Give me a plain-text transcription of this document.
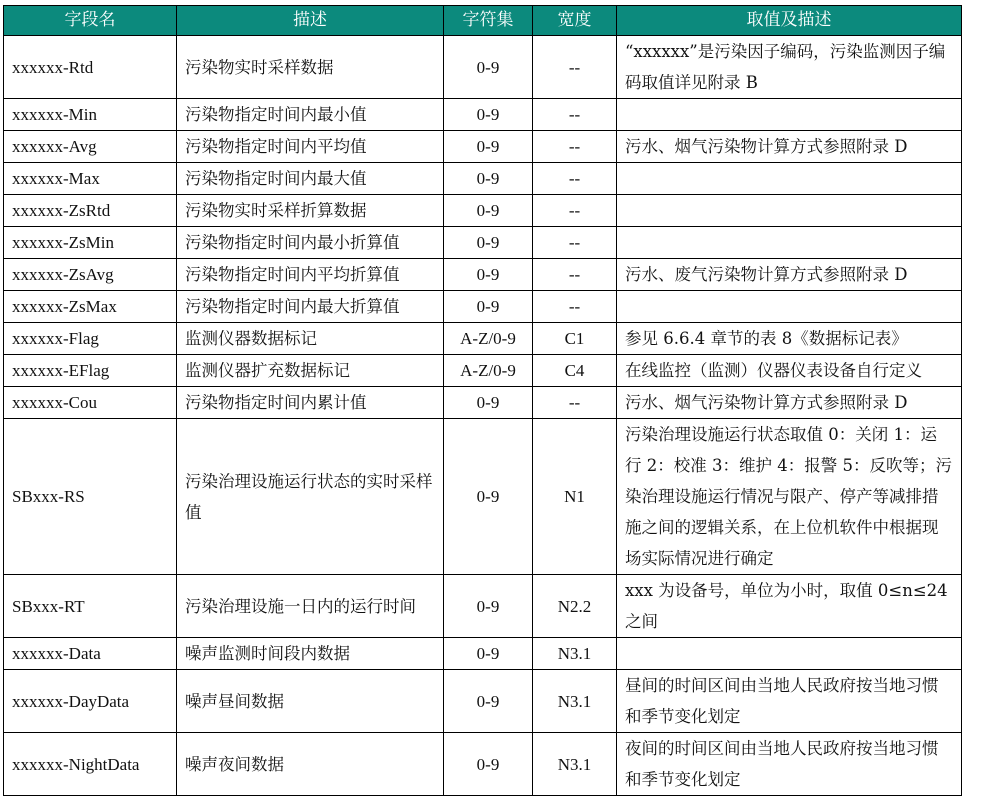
字段名	描述	字符集	宽度	取值及描述
xxxxxx-Rtd	污染物实时采样数据	0-9	--	“xxxxxx”是污染因子编码，污染监测因子编码取值详见附录 B
xxxxxx-Min	污染物指定时间内最小值	0-9	--	
xxxxxx-Avg	污染物指定时间内平均值	0-9	--	污水、烟气污染物计算方式参照附录 D
xxxxxx-Max	污染物指定时间内最大值	0-9	--	
xxxxxx-ZsRtd	污染物实时采样折算数据	0-9	--	
xxxxxx-ZsMin	污染物指定时间内最小折算值	0-9	--	
xxxxxx-ZsAvg	污染物指定时间内平均折算值	0-9	--	污水、废气污染物计算方式参照附录 D
xxxxxx-ZsMax	污染物指定时间内最大折算值	0-9	--	
xxxxxx-Flag	监测仪器数据标记	A-Z/0-9	C1	参见 6.6.4 章节的表 8《数据标记表》
xxxxxx-EFlag	监测仪器扩充数据标记	A-Z/0-9	C4	在线监控（监测）仪器仪表设备自行定义
xxxxxx-Cou	污染物指定时间内累计值	0-9	--	污水、烟气污染物计算方式参照附录 D
SBxxx-RS	污染治理设施运行状态的实时采样值	0-9	N1	污染治理设施运行状态取值 0：关闭 1：运行 2：校准 3：维护 4：报警 5：反吹等；污染治理设施运行情况与限产、停产等减排措施之间的逻辑关系，在上位机软件中根据现场实际情况进行确定
SBxxx-RT	污染治理设施一日内的运行时间	0-9	N2.2	xxx 为设备号，单位为小时，取值 0≤n≤24 之间
xxxxxx-Data	噪声监测时间段内数据	0-9	N3.1	
xxxxxx-DayData	噪声昼间数据	0-9	N3.1	昼间的时间区间由当地人民政府按当地习惯和季节变化划定
xxxxxx-NightData	噪声夜间数据	0-9	N3.1	夜间的时间区间由当地人民政府按当地习惯和季节变化划定
